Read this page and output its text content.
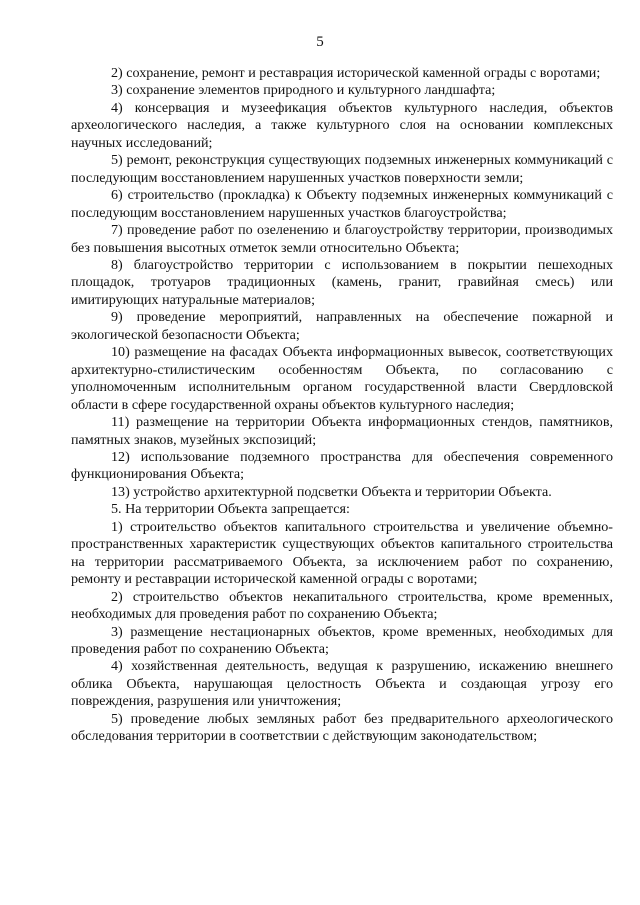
5

2) сохранение, ремонт и реставрация исторической каменной ограды с воротами;

3) сохранение элементов природного и культурного ландшафта;

4) консервация и музеефикация объектов культурного наследия, объектов археологического наследия, а также культурного слоя на основании комплексных научных исследований;

5) ремонт, реконструкция существующих подземных инженерных коммуникаций с последующим восстановлением нарушенных участков поверхности земли;

6) строительство (прокладка) к Объекту подземных инженерных коммуникаций с последующим восстановлением нарушенных участков благоустройства;

7) проведение работ по озеленению и благоустройству территории, производимых без повышения высотных отметок земли относительно Объекта;

8) благоустройство территории с использованием в покрытии пешеходных площадок, тротуаров традиционных (камень, гранит, гравийная смесь) или имитирующих натуральные материалов;

9) проведение мероприятий, направленных на обеспечение пожарной и экологической безопасности Объекта;

10) размещение на фасадах Объекта информационных вывесок, соответствующих архитектурно-стилистическим особенностям Объекта, по согласованию с уполномоченным исполнительным органом государственной власти Свердловской области в сфере государственной охраны объектов культурного наследия;

11) размещение на территории Объекта информационных стендов, памятников, памятных знаков, музейных экспозиций;

12) использование подземного пространства для обеспечения современного функционирования Объекта;

13) устройство архитектурной подсветки Объекта и территории Объекта.

5. На территории Объекта запрещается:

1) строительство объектов капитального строительства и увеличение объемно-пространственных характеристик существующих объектов капитального строительства на территории рассматриваемого Объекта, за исключением работ по сохранению, ремонту и реставрации исторической каменной ограды с воротами;

2) строительство объектов некапитального строительства, кроме временных, необходимых для проведения работ по сохранению Объекта;

3) размещение нестационарных объектов, кроме временных, необходимых для проведения работ по сохранению Объекта;

4) хозяйственная деятельность, ведущая к разрушению, искажению внешнего облика Объекта, нарушающая целостность Объекта и создающая угрозу его повреждения, разрушения или уничтожения;

5) проведение любых земляных работ без предварительного археологического обследования территории в соответствии с действующим законодательством;
